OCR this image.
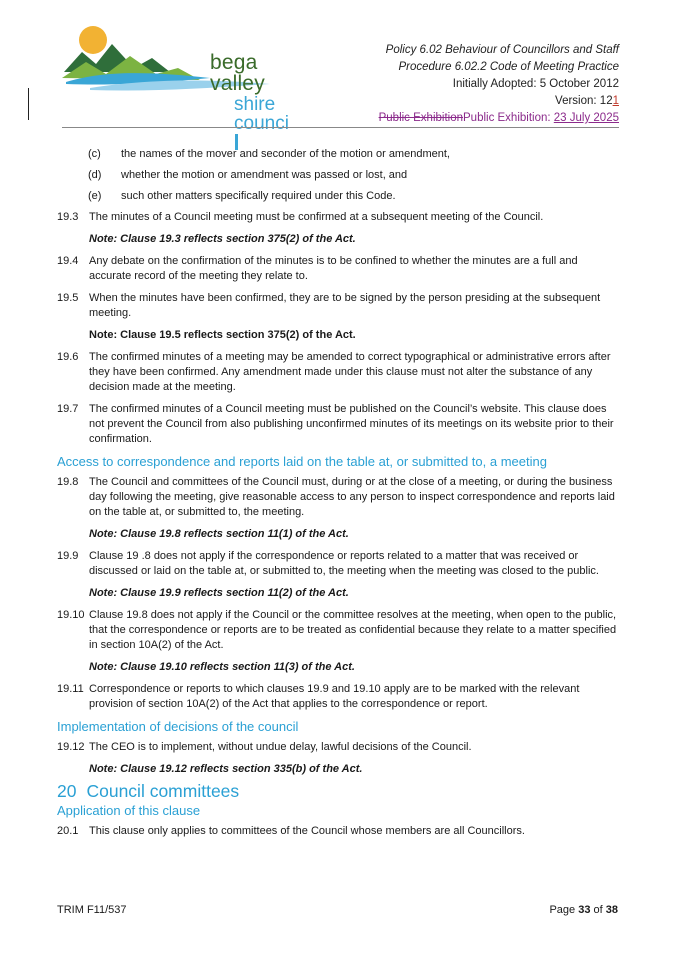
bega valley
shire counci
Policy 6.02 Behaviour of Councillors and Staff
Procedure 6.02.2 Code of Meeting Practice
Initially Adopted: 5 October 2012
Version: 121
Public ExhibitionPublic Exhibition: 23 July 2025
(c)	the names of the mover and seconder of the motion or amendment,
(d)	whether the motion or amendment was passed or lost, and
(e)	such other matters specifically required under this Code.
19.3 The minutes of a Council meeting must be confirmed at a subsequent meeting of the Council.
Note: Clause 19.3 reflects section 375(2) of the Act.
19.4 Any debate on the confirmation of the minutes is to be confined to whether the minutes are a full and accurate record of the meeting they relate to.
19.5 When the minutes have been confirmed, they are to be signed by the person presiding at the subsequent meeting.
Note: Clause 19.5 reflects section 375(2) of the Act.
19.6 The confirmed minutes of a meeting may be amended to correct typographical or administrative errors after they have been confirmed. Any amendment made under this clause must not alter the substance of any decision made at the meeting.
19.7 The confirmed minutes of a Council meeting must be published on the Council’s website. This clause does not prevent the Council from also publishing unconfirmed minutes of its meetings on its website prior to their confirmation.
Access to correspondence and reports laid on the table at, or submitted to, a meeting
19.8 The Council and committees of the Council must, during or at the close of a meeting, or during the business day following the meeting, give reasonable access to any person to inspect correspondence and reports laid on the table at, or submitted to, the meeting.
Note: Clause 19.8 reflects section 11(1) of the Act.
19.9 Clause 19 .8 does not apply if the correspondence or reports related to a matter that was received or discussed or laid on the table at, or submitted to, the meeting when the meeting was closed to the public.
Note: Clause 19.9 reflects section 11(2) of the Act.
19.10 Clause 19.8 does not apply if the Council or the committee resolves at the meeting, when open to the public, that the correspondence or reports are to be treated as confidential because they relate to a matter specified in section 10A(2) of the Act.
Note: Clause 19.10 reflects section 11(3) of the Act.
19.11 Correspondence or reports to which clauses 19.9 and 19.10 apply are to be marked with the relevant provision of section 10A(2) of the Act that applies to the correspondence or report.
Implementation of decisions of the council
19.12 The CEO is to implement, without undue delay, lawful decisions of the Council.
Note: Clause 19.12 reflects section 335(b) of the Act.
20 Council committees
Application of this clause
20.1 This clause only applies to committees of the Council whose members are all Councillors.
TRIM F11/537	Page 33 of 38
